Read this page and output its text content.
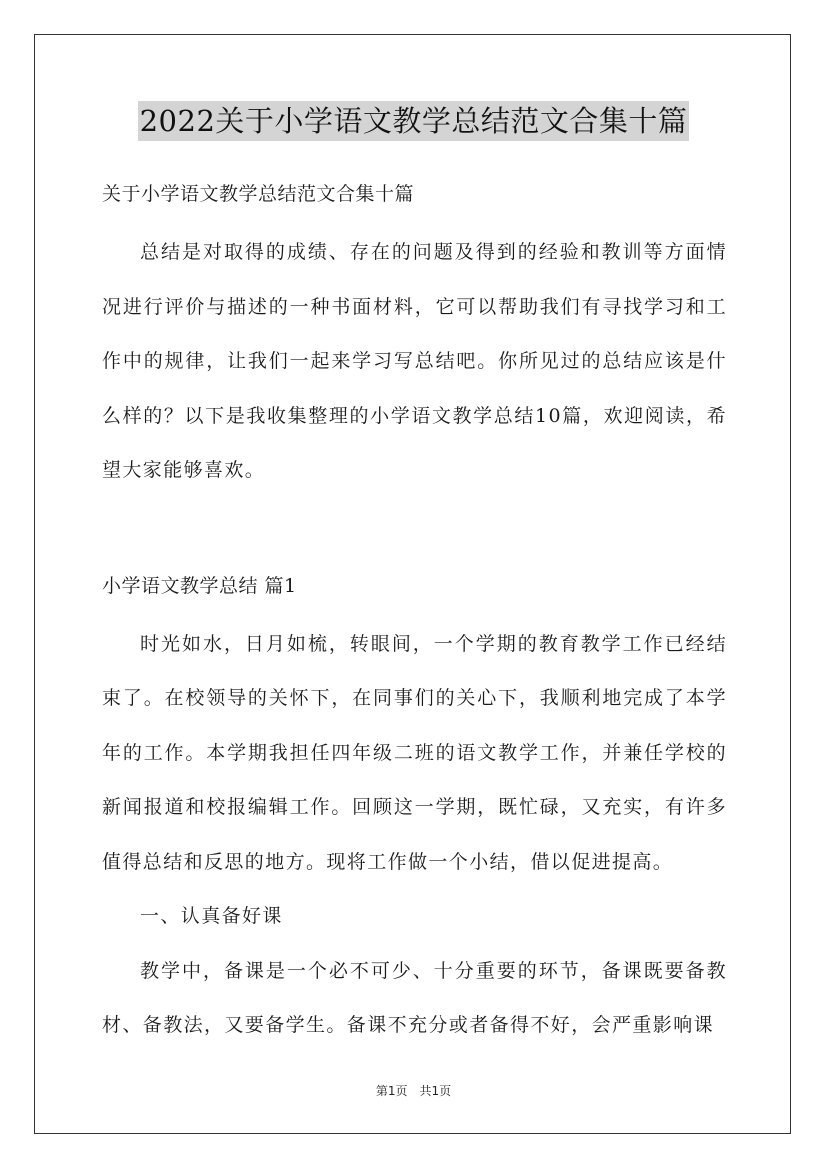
2022关于小学语文教学总结范文合集十篇

关于小学语文教学总结范文合集十篇

总结是对取得的成绩、存在的问题及得到的经验和教训等方面情况进行评价与描述的一种书面材料，它可以帮助我们有寻找学习和工作中的规律，让我们一起来学习写总结吧。你所见过的总结应该是什么样的？以下是我收集整理的小学语文教学总结10篇，欢迎阅读，希望大家能够喜欢。

小学语文教学总结 篇1

时光如水，日月如梳，转眼间，一个学期的教育教学工作已经结束了。在校领导的关怀下，在同事们的关心下，我顺利地完成了本学年的工作。本学期我担任四年级二班的语文教学工作，并兼任学校的新闻报道和校报编辑工作。回顾这一学期，既忙碌，又充实，有许多值得总结和反思的地方。现将工作做一个小结，借以促进提高。

一、认真备好课

教学中，备课是一个必不可少、十分重要的环节，备课既要备教材、备教法，又要备学生。备课不充分或者备得不好，会严重影响课

第1页 共1页
